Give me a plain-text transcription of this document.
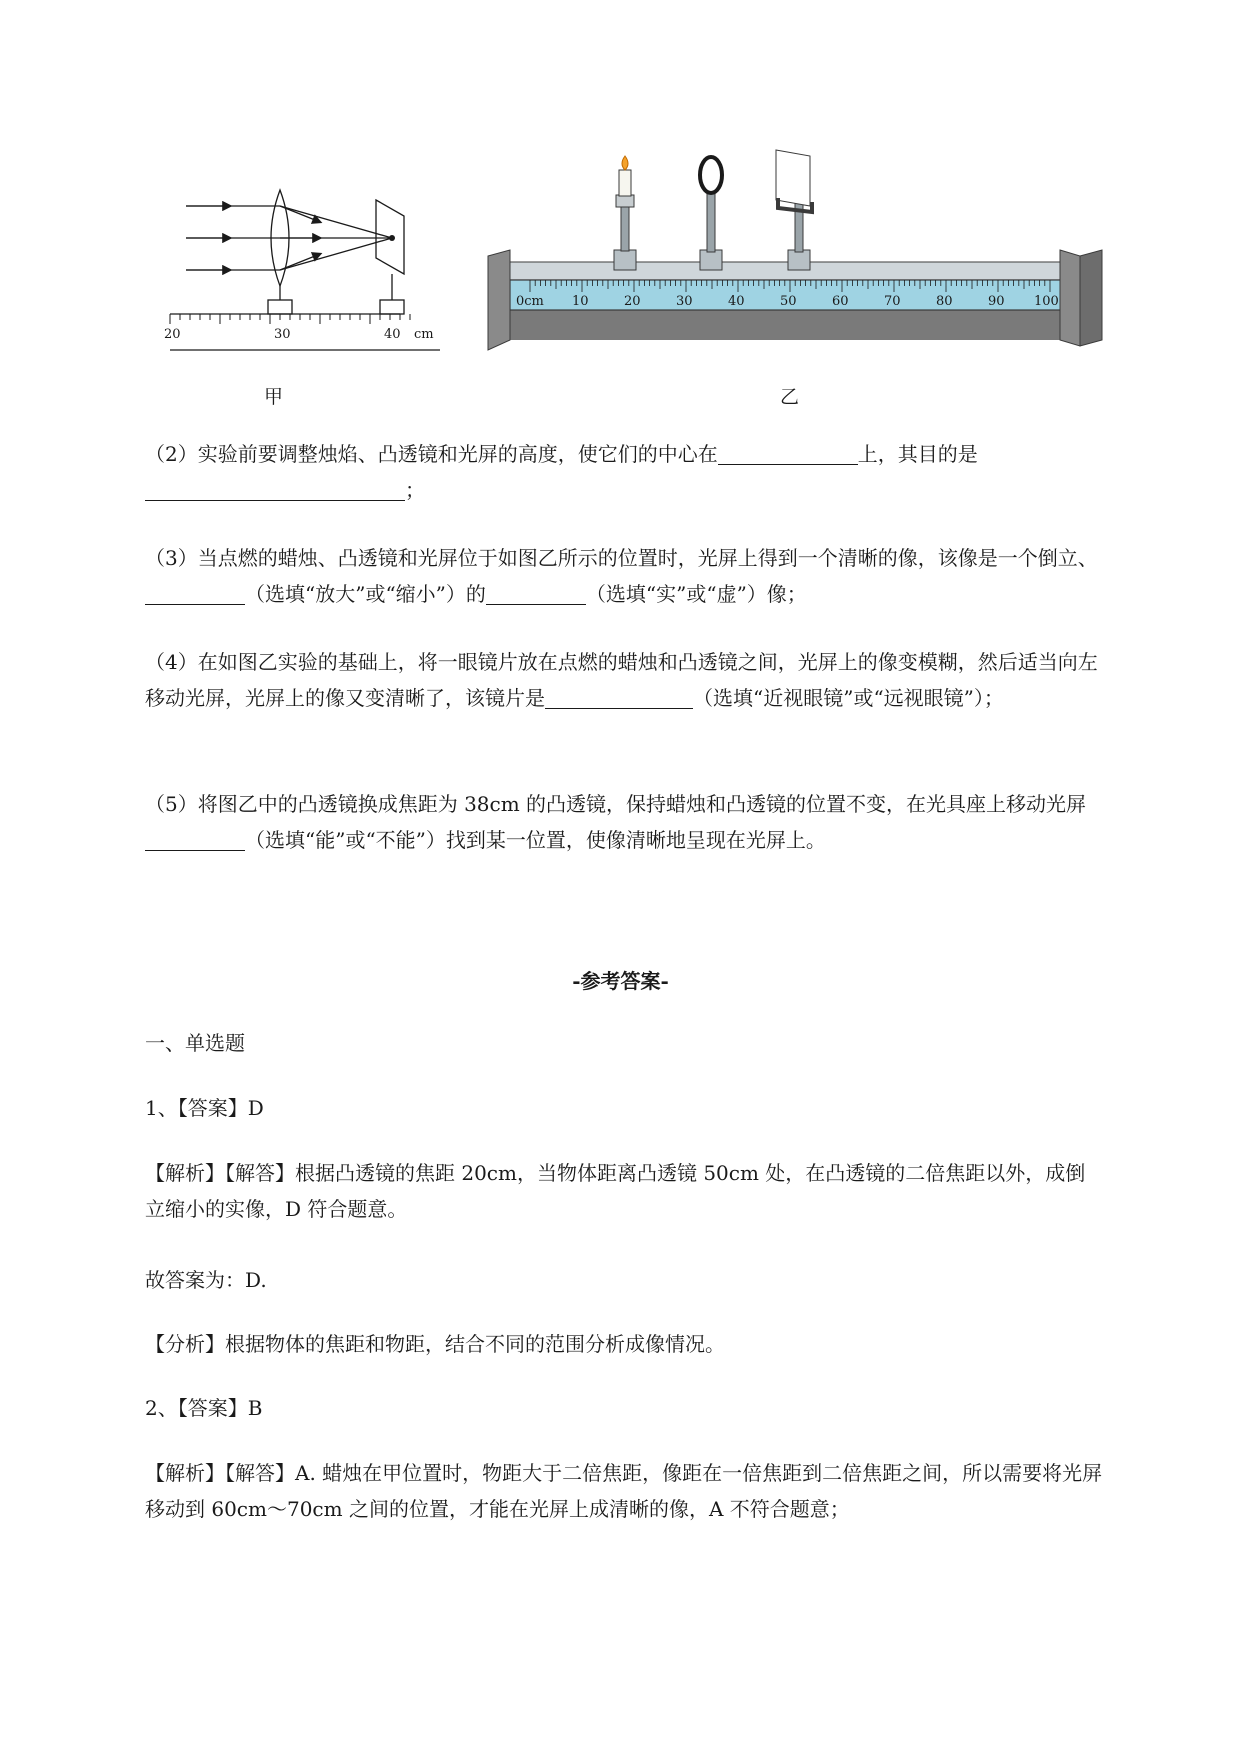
20	30	40 cm
甲
0cm 10	20	30	40	50	60	70	80	90 100
乙

（2）实验前要调整烛焰、凸透镜和光屏的高度，使它们的中心在	上，其目的是；

（3）当点燃的蜡烛、凸透镜和光屏位于如图乙所示的位置时，光屏上得到一个清晰的像，该像是一个倒立、（选填“放大”或“缩小”）的	（选填“实”或“虚”）像；

（4）在如图乙实验的基础上，将一眼镜片放在点燃的蜡烛和凸透镜之间，光屏上的像变模糊，然后适当向左移动光屏，光屏上的像又变清晰了，该镜片是	（选填“近视眼镜”或“远视眼镜”）；

（5）将图乙中的凸透镜换成焦距为 38cm 的凸透镜，保持蜡烛和凸透镜的位置不变，在光具座上移动光屏（选填“能”或“不能”）找到某一位置，使像清晰地呈现在光屏上。

-参考答案-

一、单选题

1、【答案】D

【解析】【解答】根据凸透镜的焦距 20cm，当物体距离凸透镜 50cm 处，在凸透镜的二倍焦距以外，成倒立缩小的实像，D 符合题意。

故答案为：D.

【分析】根据物体的焦距和物距，结合不同的范围分析成像情况。

2、【答案】B

【解析】【解答】A. 蜡烛在甲位置时，物距大于二倍焦距，像距在一倍焦距到二倍焦距之间，所以需要将光屏移动到 60cm～70cm 之间的位置，才能在光屏上成清晰的像，A 不符合题意；
